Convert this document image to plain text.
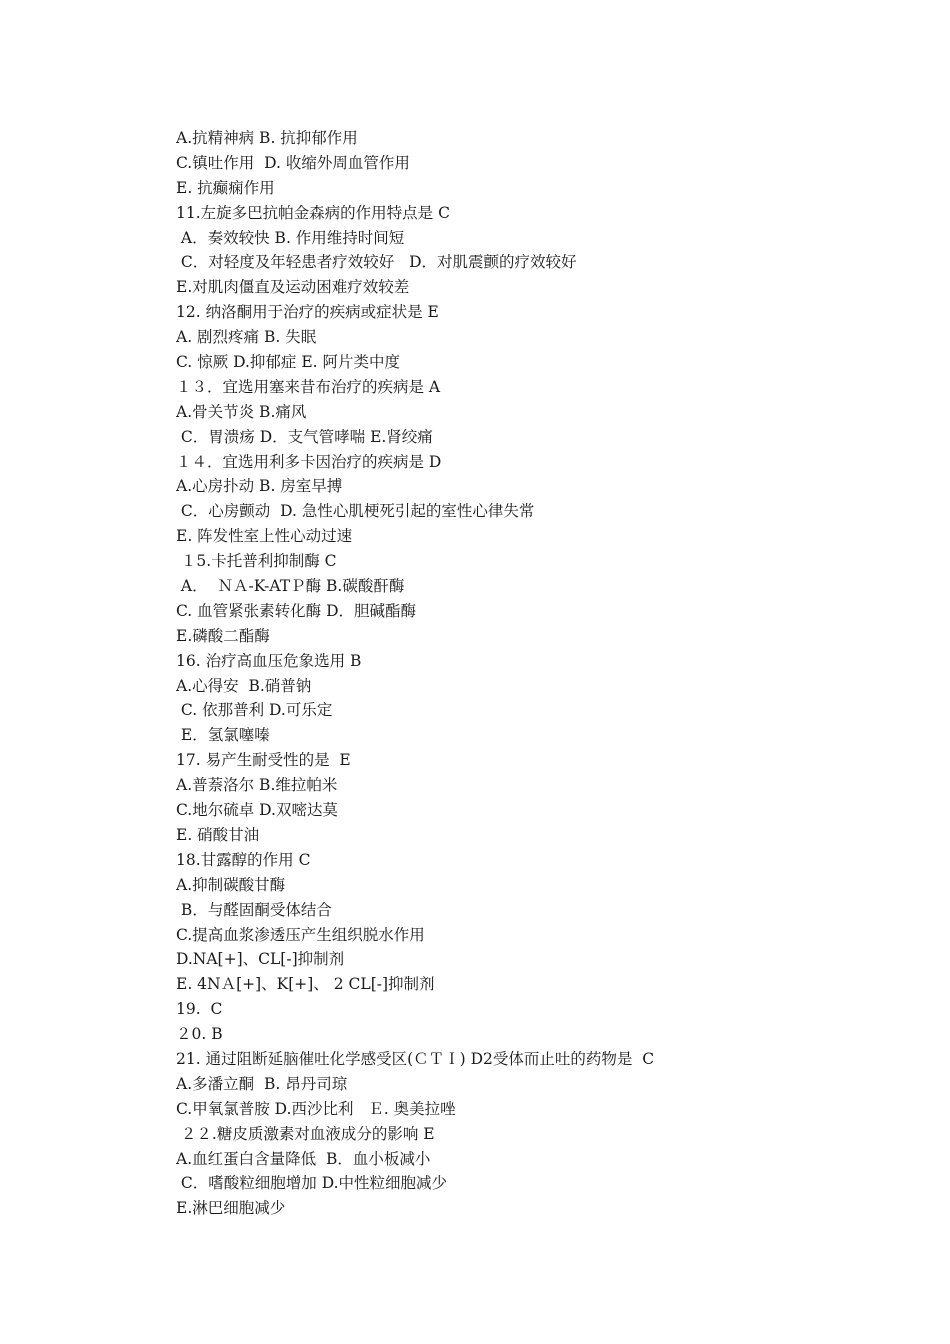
A.抗精神病 B. 抗抑郁作用
C.镇吐作用  D. 收缩外周血管作用
E. 抗癫痫作用
11.左旋多巴抗帕金森病的作用特点是 C
A．奏效较快 B. 作用维持时间短
C．对轻度及年轻患者疗效较好   D．对肌震颤的疗效较好
E.对肌肉僵直及运动困难疗效较差
12. 纳洛酮用于治疗的疾病或症状是 E
A. 剧烈疼痛 B. 失眠
C. 惊厥 D.抑郁症 E. 阿片类中度
１３．宜选用塞来昔布治疗的疾病是 A
A.骨关节炎 B.痛风
C．胃溃疡 D．支气管哮喘 E.肾绞痛
１４．宜选用利多卡因治疗的疾病是 D
A.心房扑动 B. 房室早搏
C．心房颤动  D. 急性心肌梗死引起的室性心律失常
E. 阵发性室上性心动过速
１5.卡托普利抑制酶 C
A．  ＮＡ-K-ATＰ酶 B.碳酸酐酶
C. 血管紧张素转化酶 D．胆碱酯酶
E.磷酸二酯酶
16. 治疗高血压危象选用 B
A.心得安  B.硝普钠
C. 依那普利 D.可乐定
E．氢氯噻嗪
17. 易产生耐受性的是  E
A.普萘洛尔 B.维拉帕米
C.地尔硫卓 D.双嘧达莫
E. 硝酸甘油
18.甘露醇的作用 C
A.抑制碳酸甘酶
B．与醛固酮受体结合
C.提高血浆渗透压产生组织脱水作用
D.NA[+]、CL[-]抑制剂
E. 4NＡ[+]、K[+]、 2 CL[-]抑制剂
19.  C
２0. B
21. 通过阻断延脑催吐化学感受区(ＣＴＩ) D2受体而止吐的药物是  C
A.多潘立酮  B. 昂丹司琼
C.甲氧氯普胺 D.西沙比利   Ｅ. 奥美拉唑
２２.糖皮质激素对血液成分的影响 E
A.血红蛋白含量降低  B．血小板减小
C．嗜酸粒细胞增加 D.中性粒细胞减少
E.淋巴细胞减少
